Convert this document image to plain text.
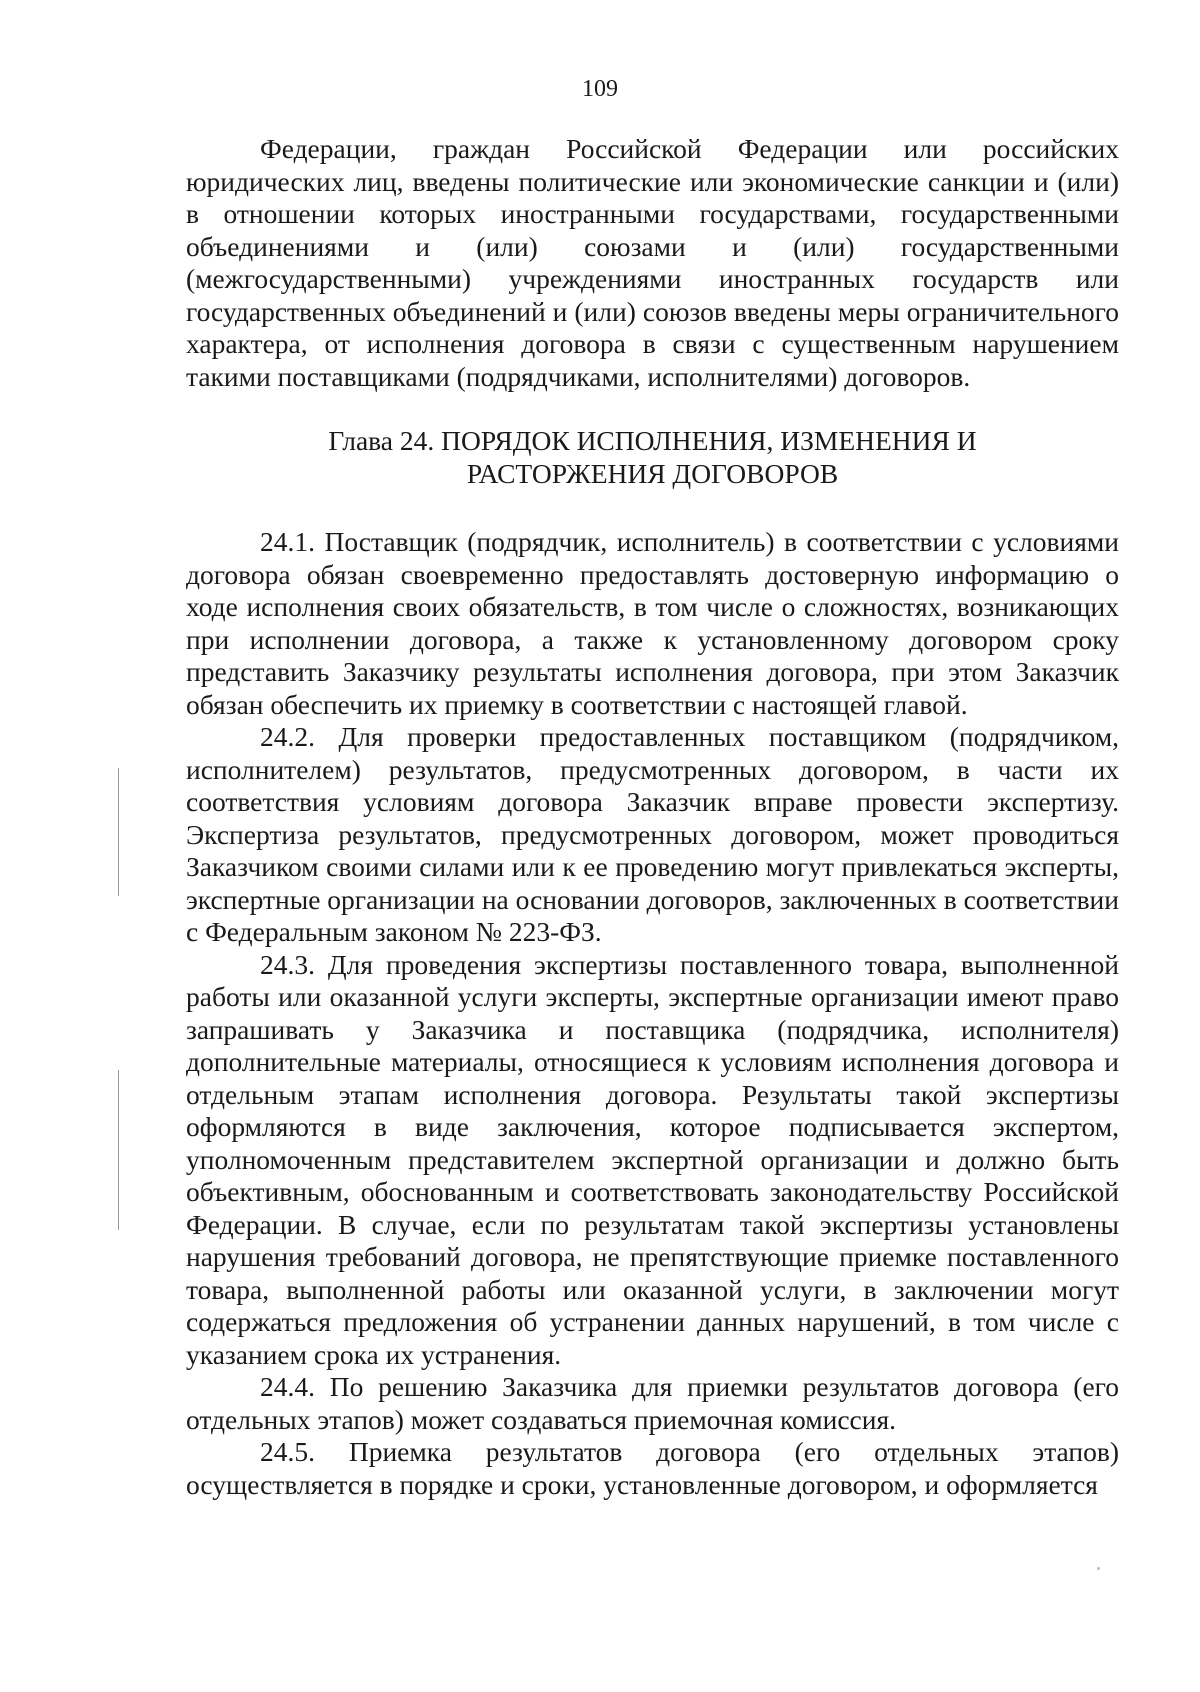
109

Федерации, граждан Российской Федерации или российских юридических лиц, введены политические или экономические санкции и (или) в отношении которых иностранными государствами, государственными объединениями и (или) союзами и (или) государственными (межгосударственными) учреждениями иностранных государств или государственных объединений и (или) союзов введены меры ограничительного характера, от исполнения договора в связи с существенным нарушением такими поставщиками (подрядчиками, исполнителями) договоров.

Глава 24. ПОРЯДОК ИСПОЛНЕНИЯ, ИЗМЕНЕНИЯ И
РАСТОРЖЕНИЯ ДОГОВОРОВ

24.1. Поставщик (подрядчик, исполнитель) в соответствии с условиями договора обязан своевременно предоставлять достоверную информацию о ходе исполнения своих обязательств, в том числе о сложностях, возникающих при исполнении договора, а также к установленному договором сроку представить Заказчику результаты исполнения договора, при этом Заказчик обязан обеспечить их приемку в соответствии с настоящей главой.

24.2. Для проверки предоставленных поставщиком (подрядчиком, исполнителем) результатов, предусмотренных договором, в части их соответствия условиям договора Заказчик вправе провести экспертизу. Экспертиза результатов, предусмотренных договором, может проводиться Заказчиком своими силами или к ее проведению могут привлекаться эксперты, экспертные организации на основании договоров, заключенных в соответствии с Федеральным законом № 223-ФЗ.

24.3. Для проведения экспертизы поставленного товара, выполненной работы или оказанной услуги эксперты, экспертные организации имеют право запрашивать у Заказчика и поставщика (подрядчика, исполнителя) дополнительные материалы, относящиеся к условиям исполнения договора и отдельным этапам исполнения договора. Результаты такой экспертизы оформляются в виде заключения, которое подписывается экспертом, уполномоченным представителем экспертной организации и должно быть объективным, обоснованным и соответствовать законодательству Российской Федерации. В случае, если по результатам такой экспертизы установлены нарушения требований договора, не препятствующие приемке поставленного товара, выполненной работы или оказанной услуги, в заключении могут содержаться предложения об устранении данных нарушений, в том числе с указанием срока их устранения.

24.4. По решению Заказчика для приемки результатов договора (его отдельных этапов) может создаваться приемочная комиссия.

24.5. Приемка результатов договора (его отдельных этапов) осуществляется в порядке и сроки, установленные договором, и оформляется
